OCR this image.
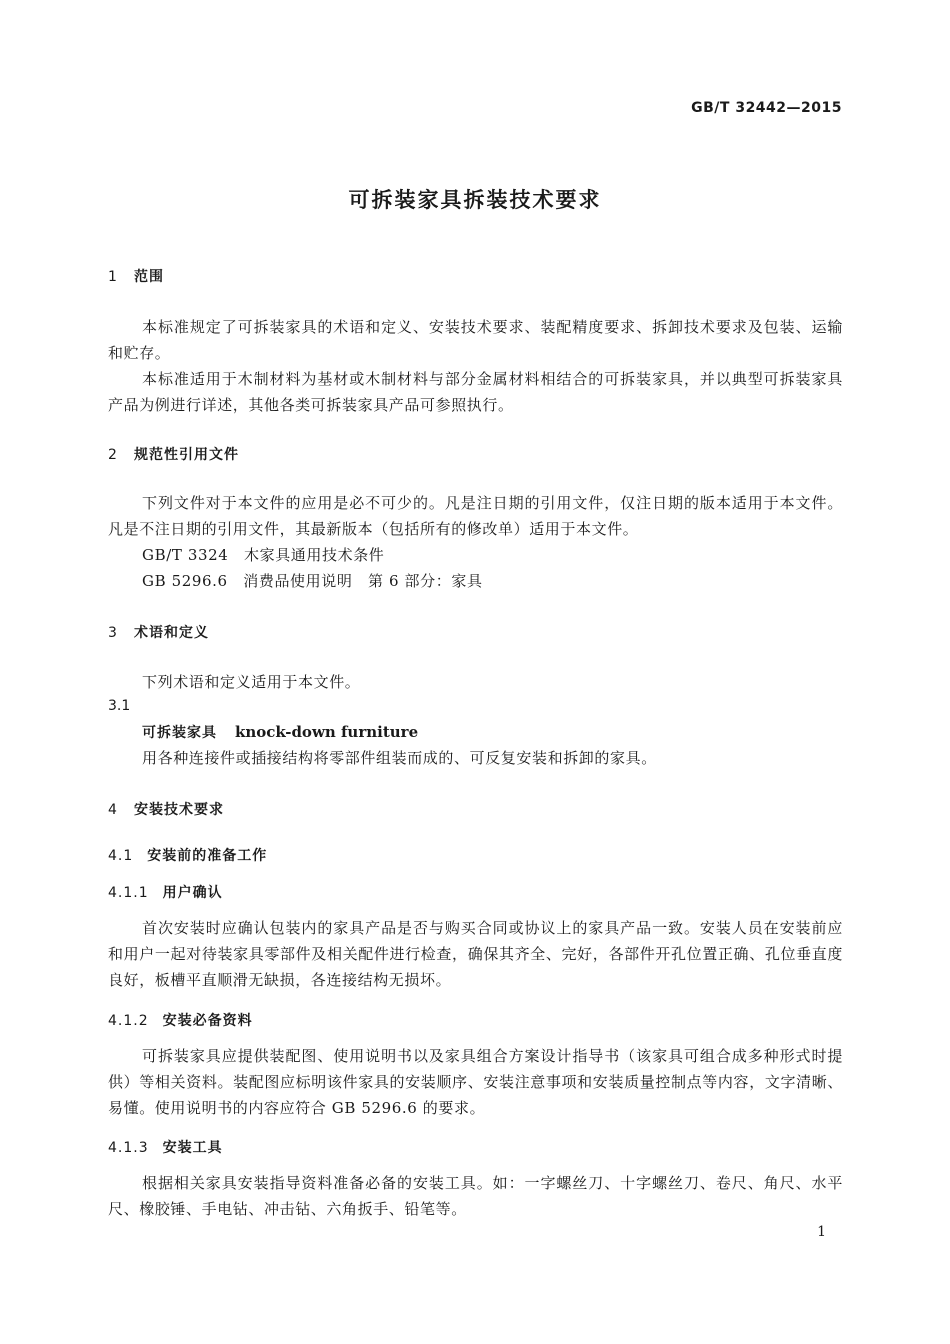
GB/T 32442—2015
可拆装家具拆装技术要求
1 范围

本标准规定了可拆装家具的术语和定义、安装技术要求、装配精度要求、拆卸技术要求及包装、运输和贮存。

本标准适用于木制材料为基材或木制材料与部分金属材料相结合的可拆装家具，并以典型可拆装家具产品为例进行详述，其他各类可拆装家具产品可参照执行。

2 规范性引用文件

下列文件对于本文件的应用是必不可少的。凡是注日期的引用文件，仅注日期的版本适用于本文件。凡是不注日期的引用文件，其最新版本（包括所有的修改单）适用于本文件。

GB/T 3324　木家具通用技术条件
GB 5296.6　消费品使用说明　第 6 部分：家具
3 术语和定义
下列术语和定义适用于本文件。
3.1
可拆装家具 knock-down furniture
用各种连接件或插接结构将零部件组装而成的、可反复安装和拆卸的家具。
4 安装技术要求
4.1 安装前的准备工作
4.1.1 用户确认

首次安装时应确认包装内的家具产品是否与购买合同或协议上的家具产品一致。安装人员在安装前应和用户一起对待装家具零部件及相关配件进行检查，确保其齐全、完好，各部件开孔位置正确、孔位垂直度良好，板槽平直顺滑无缺损，各连接结构无损坏。

4.1.2 安装必备资料

可拆装家具应提供装配图、使用说明书以及家具组合方案设计指导书（该家具可组合成多种形式时提供）等相关资料。装配图应标明该件家具的安装顺序、安装注意事项和安装质量控制点等内容，文字清晰、易懂。使用说明书的内容应符合 GB 5296.6 的要求。

4.1.3 安装工具

根据相关家具安装指导资料准备必备的安装工具。如：一字螺丝刀、十字螺丝刀、卷尺、角尺、水平尺、橡胶锤、手电钻、冲击钻、六角扳手、铅笔等。

1
